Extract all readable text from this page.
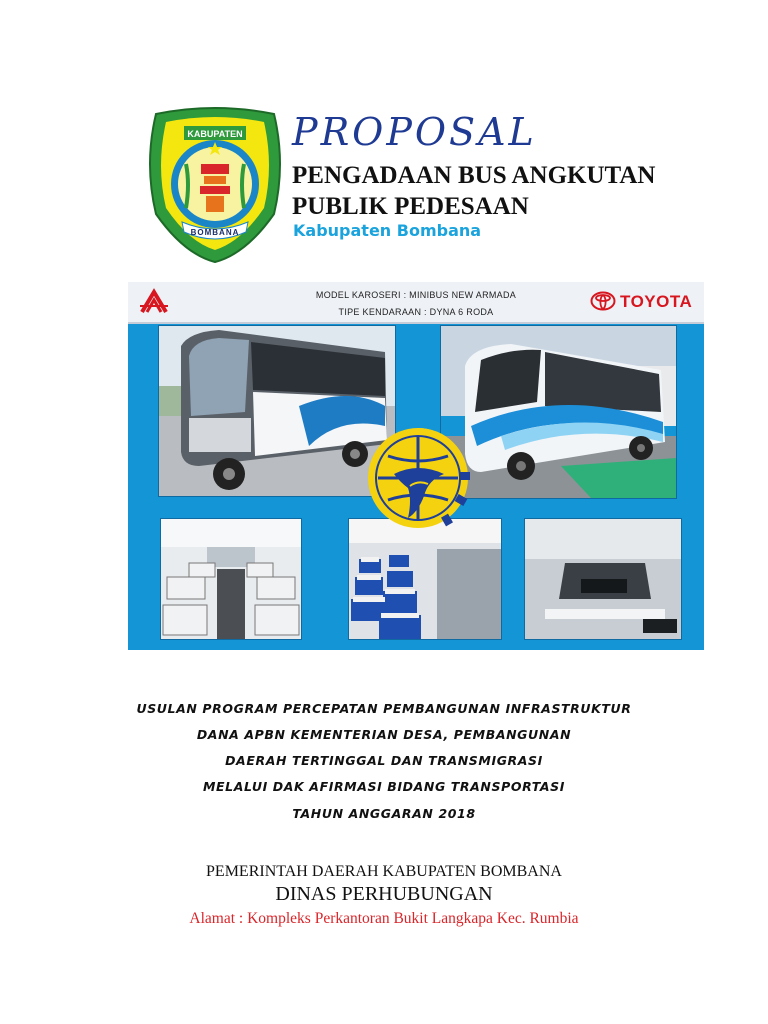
KABUPATEN
BOMBANA
PROPOSAL
PENGADAAN BUS ANGKUTAN
PUBLIK PEDESAAN
Kabupaten Bombana
MODEL KAROSERI : MINIBUS NEW ARMADA
TIPE KENDARAAN : DYNA 6 RODA
TOYOTA
USULAN PROGRAM PERCEPATAN PEMBANGUNAN INFRASTRUKTUR
DANA APBN KEMENTERIAN DESA, PEMBANGUNAN
DAERAH TERTINGGAL DAN TRANSMIGRASI
MELALUI DAK AFIRMASI BIDANG TRANSPORTASI
TAHUN ANGGARAN 2018
PEMERINTAH DAERAH KABUPATEN BOMBANA
DINAS PERHUBUNGAN
Alamat : Kompleks Perkantoran Bukit Langkapa Kec. Rumbia
